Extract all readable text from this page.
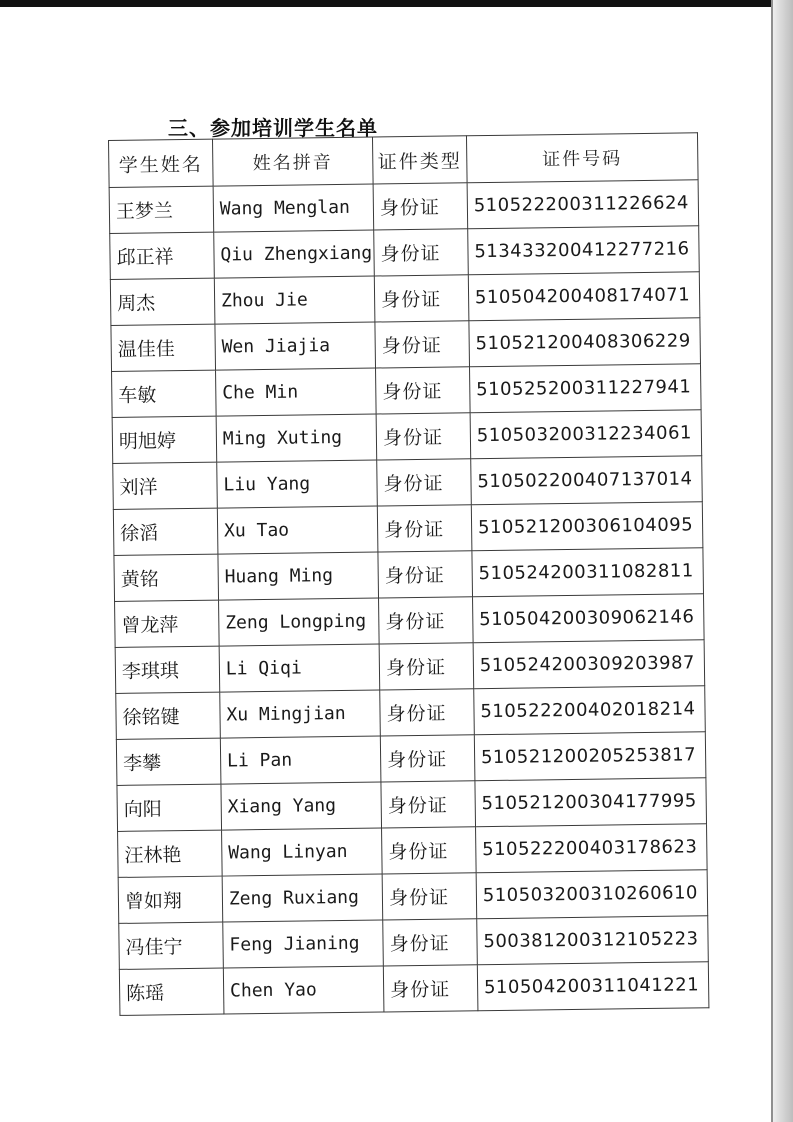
三、参加培训学生名单
学生姓名	姓名拼音	证件类型	证件号码
王梦兰	Wang Menglan	身份证	510522200311226624
邱正祥	Qiu Zhengxiang	身份证	513433200412277216
周杰	Zhou Jie	身份证	510504200408174071
温佳佳	Wen Jiajia	身份证	510521200408306229
车敏	Che Min	身份证	510525200311227941
明旭婷	Ming Xuting	身份证	510503200312234061
刘洋	Liu Yang	身份证	510502200407137014
徐滔	Xu Tao	身份证	510521200306104095
黄铭	Huang Ming	身份证	510524200311082811
曾龙萍	Zeng Longping	身份证	510504200309062146
李琪琪	Li Qiqi	身份证	510524200309203987
徐铭键	Xu Mingjian	身份证	510522200402018214
李攀	Li Pan	身份证	510521200205253817
向阳	Xiang Yang	身份证	510521200304177995
汪林艳	Wang Linyan	身份证	510522200403178623
曾如翔	Zeng Ruxiang	身份证	510503200310260610
冯佳宁	Feng Jianing	身份证	500381200312105223
陈瑶	Chen Yao	身份证	510504200311041221
